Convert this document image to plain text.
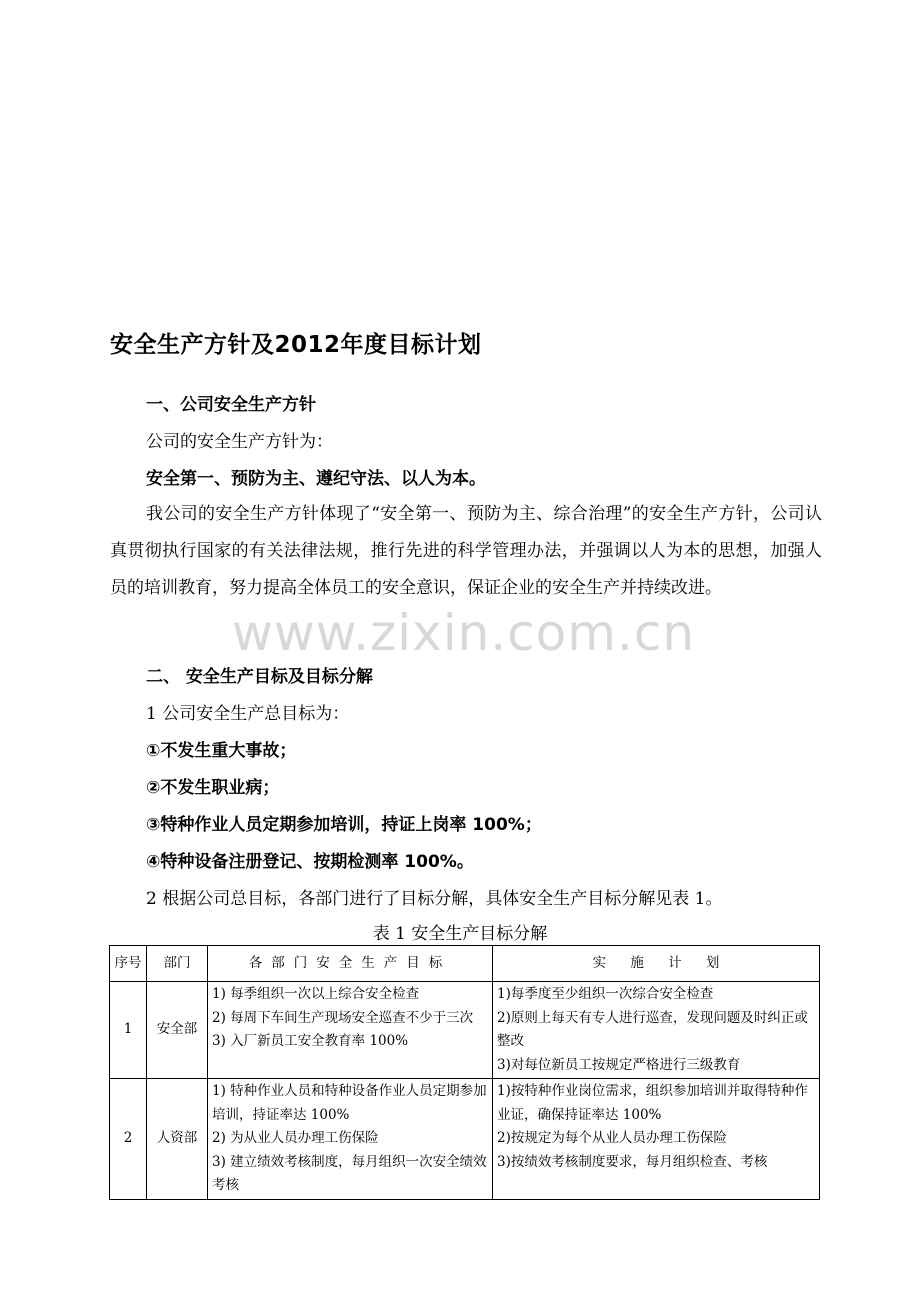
安全生产方针及2012年度目标计划
一、公司安全生产方针
公司的安全生产方针为：
安全第一、预防为主、遵纪守法、以人为本。
我公司的安全生产方针体现了“安全第一、预防为主、综合治理”的安全生产方针，公司认真贯彻执行国家的有关法律法规，推行先进的科学管理办法，并强调以人为本的思想，加强人员的培训教育，努力提高全体员工的安全意识，保证企业的安全生产并持续改进。
www.zixin.com.cn
二、 安全生产目标及目标分解
1 公司安全生产总目标为：
①不发生重大事故；
②不发生职业病；
③特种作业人员定期参加培训，持证上岗率 100%；
④特种设备注册登记、按期检测率 100%。
2 根据公司总目标，各部门进行了目标分解，具体安全生产目标分解见表 1。
表 1 安全生产目标分解
序号	部门	各部门安全生产目标	实 施 计 划
1	安全部	1) 每季组织一次以上综合安全检查
2) 每周下车间生产现场安全巡查不少于三次
3) 入厂新员工安全教育率 100%	1)每季度至少组织一次综合安全检查
2)原则上每天有专人进行巡查，发现问题及时纠正或整改
3)对每位新员工按规定严格进行三级教育

2	人资部	1) 特种作业人员和特种设备作业人员定期参加培训，持证率达 100%
2) 为从业人员办理工伤保险
3) 建立绩效考核制度，每月组织一次安全绩效考核	1)按特种作业岗位需求，组织参加培训并取得特种作业证，确保持证率达 100%
2)按规定为每个从业人员办理工伤保险
3)按绩效考核制度要求，每月组织检查、考核
